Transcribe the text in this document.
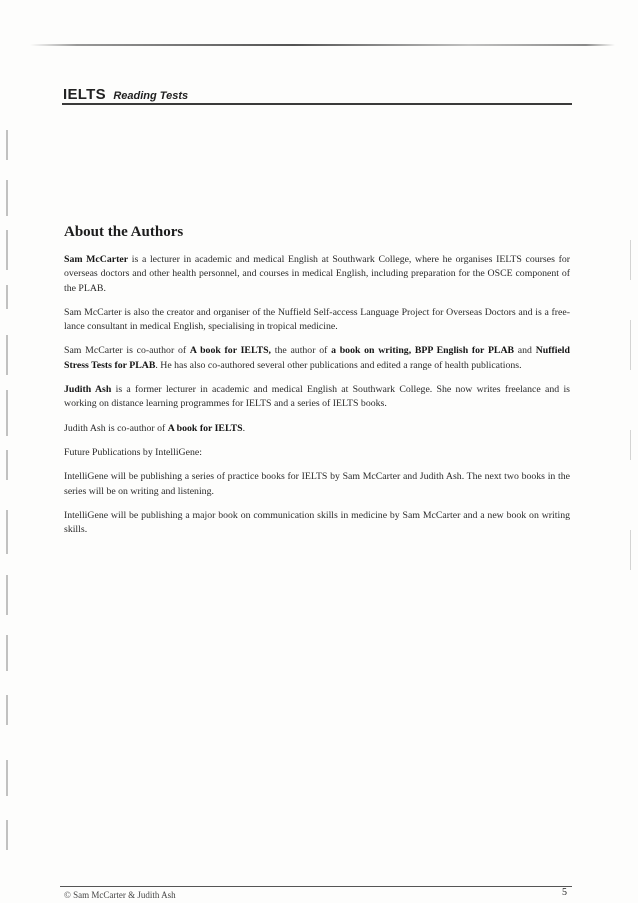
IELTS Reading Tests
About the Authors

Sam McCarter is a lecturer in academic and medical English at Southwark College, where he organises IELTS courses for overseas doctors and other health personnel, and courses in medical English, including preparation for the OSCE component of the PLAB.

Sam McCarter is also the creator and organiser of the Nuffield Self-access Language Project for Overseas Doctors and is a free-lance consultant in medical English, specialising in tropical medicine.

Sam McCarter is co-author of A book for IELTS, the author of a book on writing, BPP English for PLAB and Nuffield Stress Tests for PLAB. He has also co-authored several other publications and edited a range of health publications.

Judith Ash is a former lecturer in academic and medical English at Southwark College. She now writes freelance and is working on distance learning programmes for IELTS and a series of IELTS books.

Judith Ash is co-author of A book for IELTS.

Future Publications by IntelliGene:

IntelliGene will be publishing a series of practice books for IELTS by Sam McCarter and Judith Ash. The next two books in the series will be on writing and listening.

IntelliGene will be publishing a major book on communication skills in medicine by Sam McCarter and a new book on writing skills.

© Sam McCarter & Judith Ash	5
